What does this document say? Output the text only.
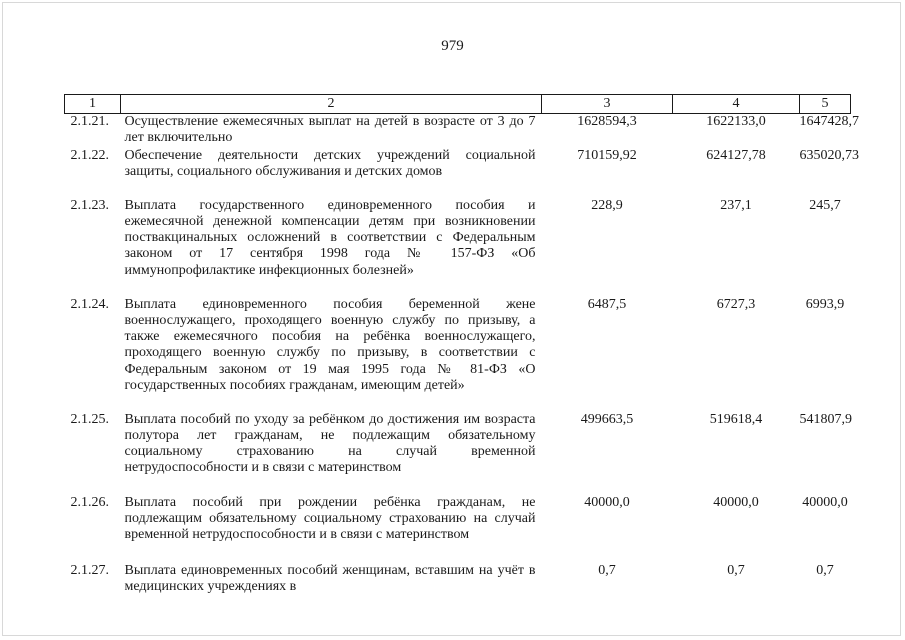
979
1	2	3	4	5
2.1.21.	Осуществление ежемесячных выплат на детей в возрасте от 3 до 7 лет включительно	1628594,3	1622133,0	1647428,7
2.1.22.	Обеспечение деятельности детских учреждений социальной защиты, социального обслуживания и детских домов	710159,92	624127,78	635020,73
2.1.23.	Выплата государственного единовременного пособия и ежемесячной денежной компенсации детям при возникновении поствакцинальных осложнений в соответствии с Федеральным законом от 17 сентября 1998 года № 157-ФЗ «Об иммунопрофилактике инфекционных болезней»	228,9	237,1	245,7
2.1.24.	Выплата единовременного пособия беременной жене военнослужащего, проходящего военную службу по призыву, а также ежемесячного пособия на ребёнка военнослужащего, проходящего военную службу по призыву, в соответствии с Федеральным законом от 19 мая 1995 года № 81-ФЗ «О государственных пособиях гражданам, имеющим детей»	6487,5	6727,3	6993,9
2.1.25.	Выплата пособий по уходу за ребёнком до достижения им возраста полутора лет гражданам, не подлежащим обязательному социальному страхованию на случай временной нетрудоспособности и в связи с материнством	499663,5	519618,4	541807,9
2.1.26.	Выплата пособий при рождении ребёнка гражданам, не подлежащим обязательному социальному страхованию на случай временной нетрудоспособности и в связи с материнством	40000,0	40000,0	40000,0
2.1.27.	Выплата единовременных пособий женщинам, вставшим на учёт в медицинских учреждениях в	0,7	0,7	0,7
